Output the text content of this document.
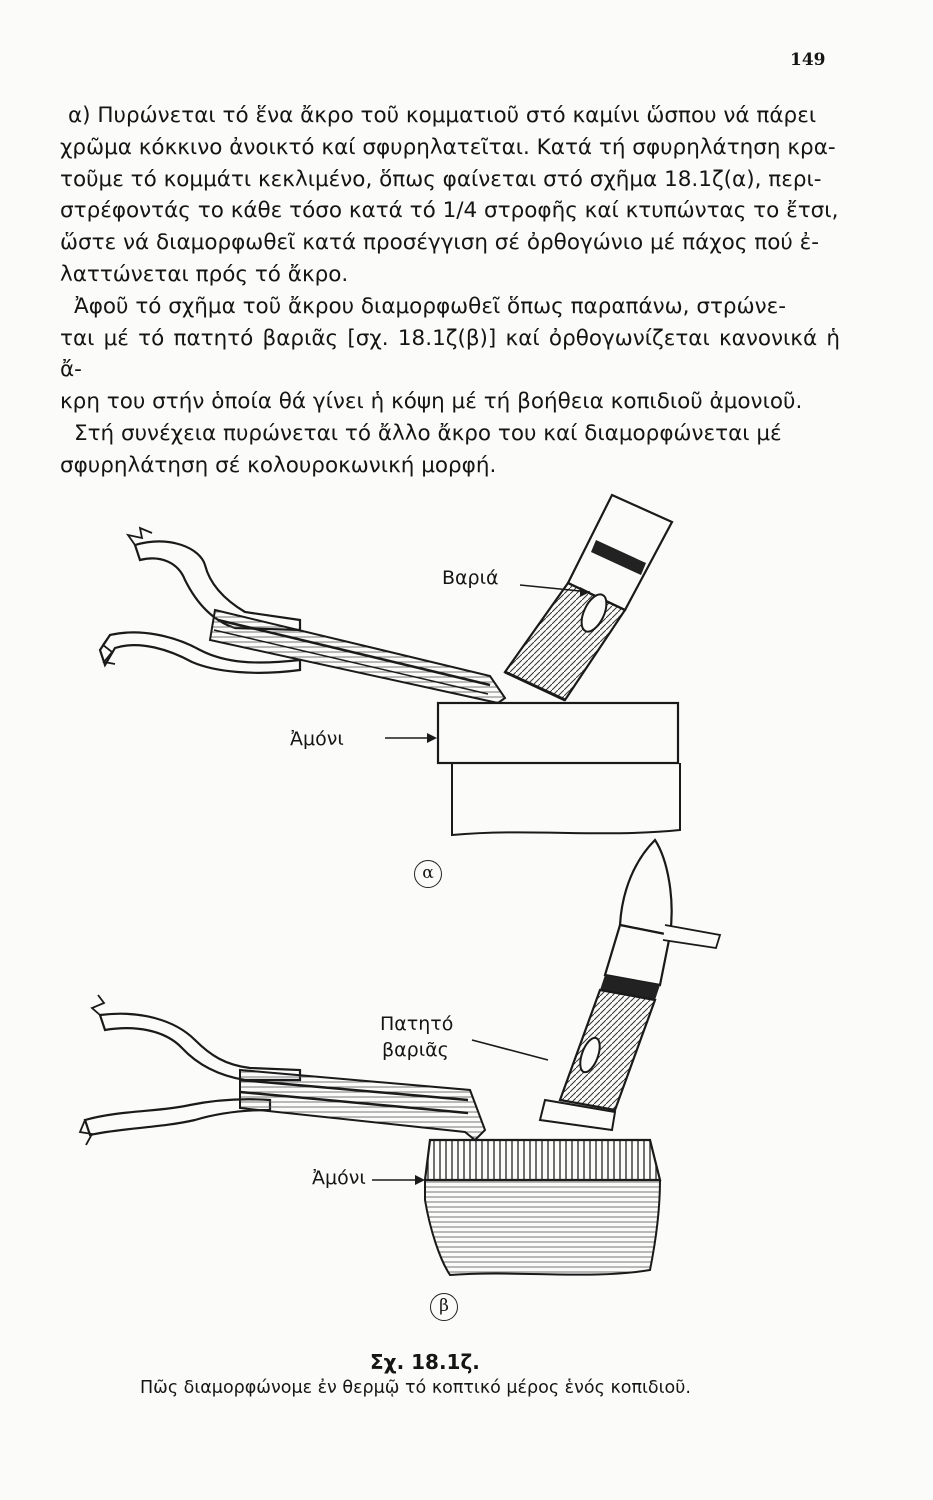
149

α) Πυρώνεται τό ἕνα ἄκρο τοῦ κομματιοῦ στό καμίνι ὥσπου νά πάρει
χρῶμα κόκκινο ἀνοικτό καί σφυρηλατεῖται. Κατά τή σφυρηλάτηση κρα-
τοῦμε τό κομμάτι κεκλιμένο, ὅπως φαίνεται στό σχῆμα 18.1ζ(α), περι-
στρέφοντάς το κάθε τόσο κατά τό 1/4 στροφῆς καί κτυπώντας το ἔτσι,
ὥστε νά διαμορφωθεῖ κατά προσέγγιση σέ ὀρθογώνιο μέ πάχος πού ἐ-
λαττώνεται πρός τό ἄκρο.

Ἀφοῦ τό σχῆμα τοῦ ἄκρου διαμορφωθεῖ ὅπως παραπάνω, στρώνε-
ται μέ τό πατητό βαριᾶς [σχ. 18.1ζ(β)] καί ὀρθογωνίζεται κανονικά ἡ ἄ-
κρη του στήν ὁποία θά γίνει ἡ κόψη μέ τή βοήθεια κοπιδιοῦ ἀμονιοῦ.

Στή συνέχεια πυρώνεται τό ἄλλο ἄκρο του καί διαμορφώνεται μέ
σφυρηλάτηση σέ κολουροκωνική μορφή.

Βαριά
Ἀμόνι
α
Πατητό
βαριᾶς
Ἀμόνι
β
Σχ. 18.1ζ.
Πῶς διαμορφώνομε ἐν θερμῷ τό κοπτικό μέρος ἑνός κοπιδιοῦ.
